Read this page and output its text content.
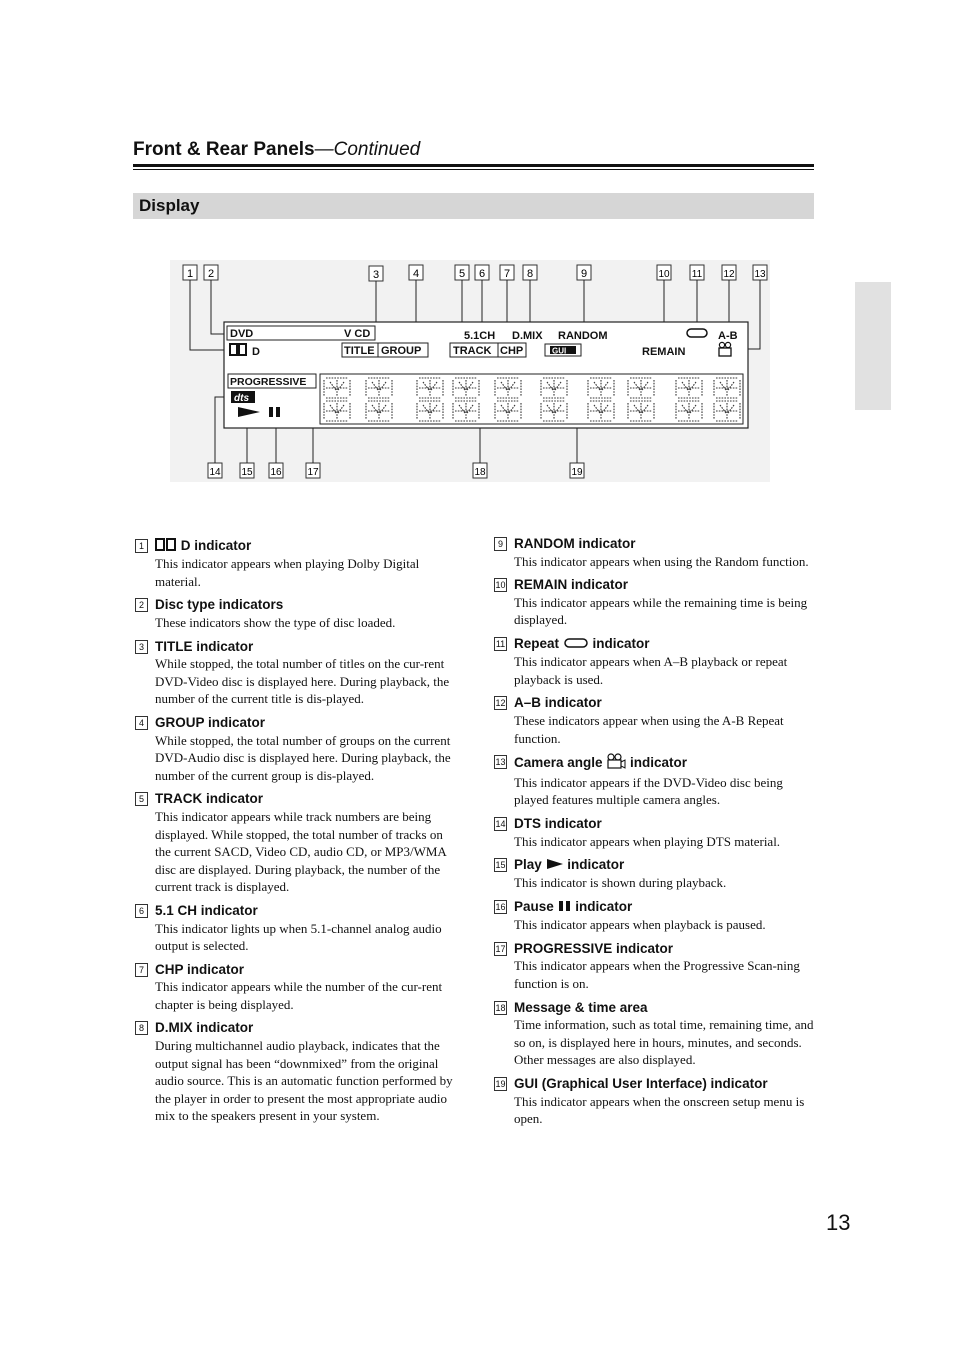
Front & Rear Panels—Continued
Display
1 2	3	4	5 6 7 8	9	10 11 12 13
14 15 16	17	18	19
DVD	V CD
D	TITLE GROUP
5.1CH
TRACK CHP
D.MIX RANDOM
GUI	REMAIN
A-B
PROGRESSIVE
dts
1	D indicator
This indicator appears when playing Dolby Digital material.
2 Disc type indicators
These indicators show the type of disc loaded.
3 TITLE indicator
While stopped, the total number of titles on the cur-rent DVD-Video disc is displayed here. During playback, the number of the current title is dis-played.
4 GROUP indicator
While stopped, the total number of groups on the current DVD-Audio disc is displayed here. During playback, the number of the current group is dis-played.
5 TRACK indicator
This indicator appears while track numbers are being displayed. While stopped, the total number of tracks on the current SACD, Video CD, audio CD, or MP3/WMA disc are displayed. During playback, the number of the current track is displayed.
6 5.1 CH indicator
This indicator lights up when 5.1-channel analog audio output is selected.
7 CHP indicator
This indicator appears while the number of the cur-rent chapter is being displayed.
8 D.MIX indicator
During multichannel audio playback, indicates that the output signal has been “downmixed” from the original audio source. This is an automatic function performed by the player in order to present the most appropriate audio mix to the speakers present in your system.
9 RANDOM indicator
This indicator appears when using the Random function.
10 REMAIN indicator
This indicator appears while the remaining time is being displayed.
11 Repeat  indicator
This indicator appears when A–B playback or repeat playback is used.
12 A–B indicator
These indicators appear when using the A-B Repeat function.
13 Camera angle  indicator
This indicator appears if the DVD-Video disc being played features multiple camera angles.
14 DTS indicator
This indicator appears when playing DTS material.
15 Play  indicator
This indicator is shown during playback.
16 Pause  indicator
This indicator appears when playback is paused.
17 PROGRESSIVE indicator
This indicator appears when the Progressive Scan-ning function is on.
18 Message & time area
Time information, such as total time, remaining time, and so on, is displayed here in hours, minutes, and seconds. Other messages are also displayed.
19 GUI (Graphical User Interface) indicator
This indicator appears when the onscreen setup menu is open.
13
